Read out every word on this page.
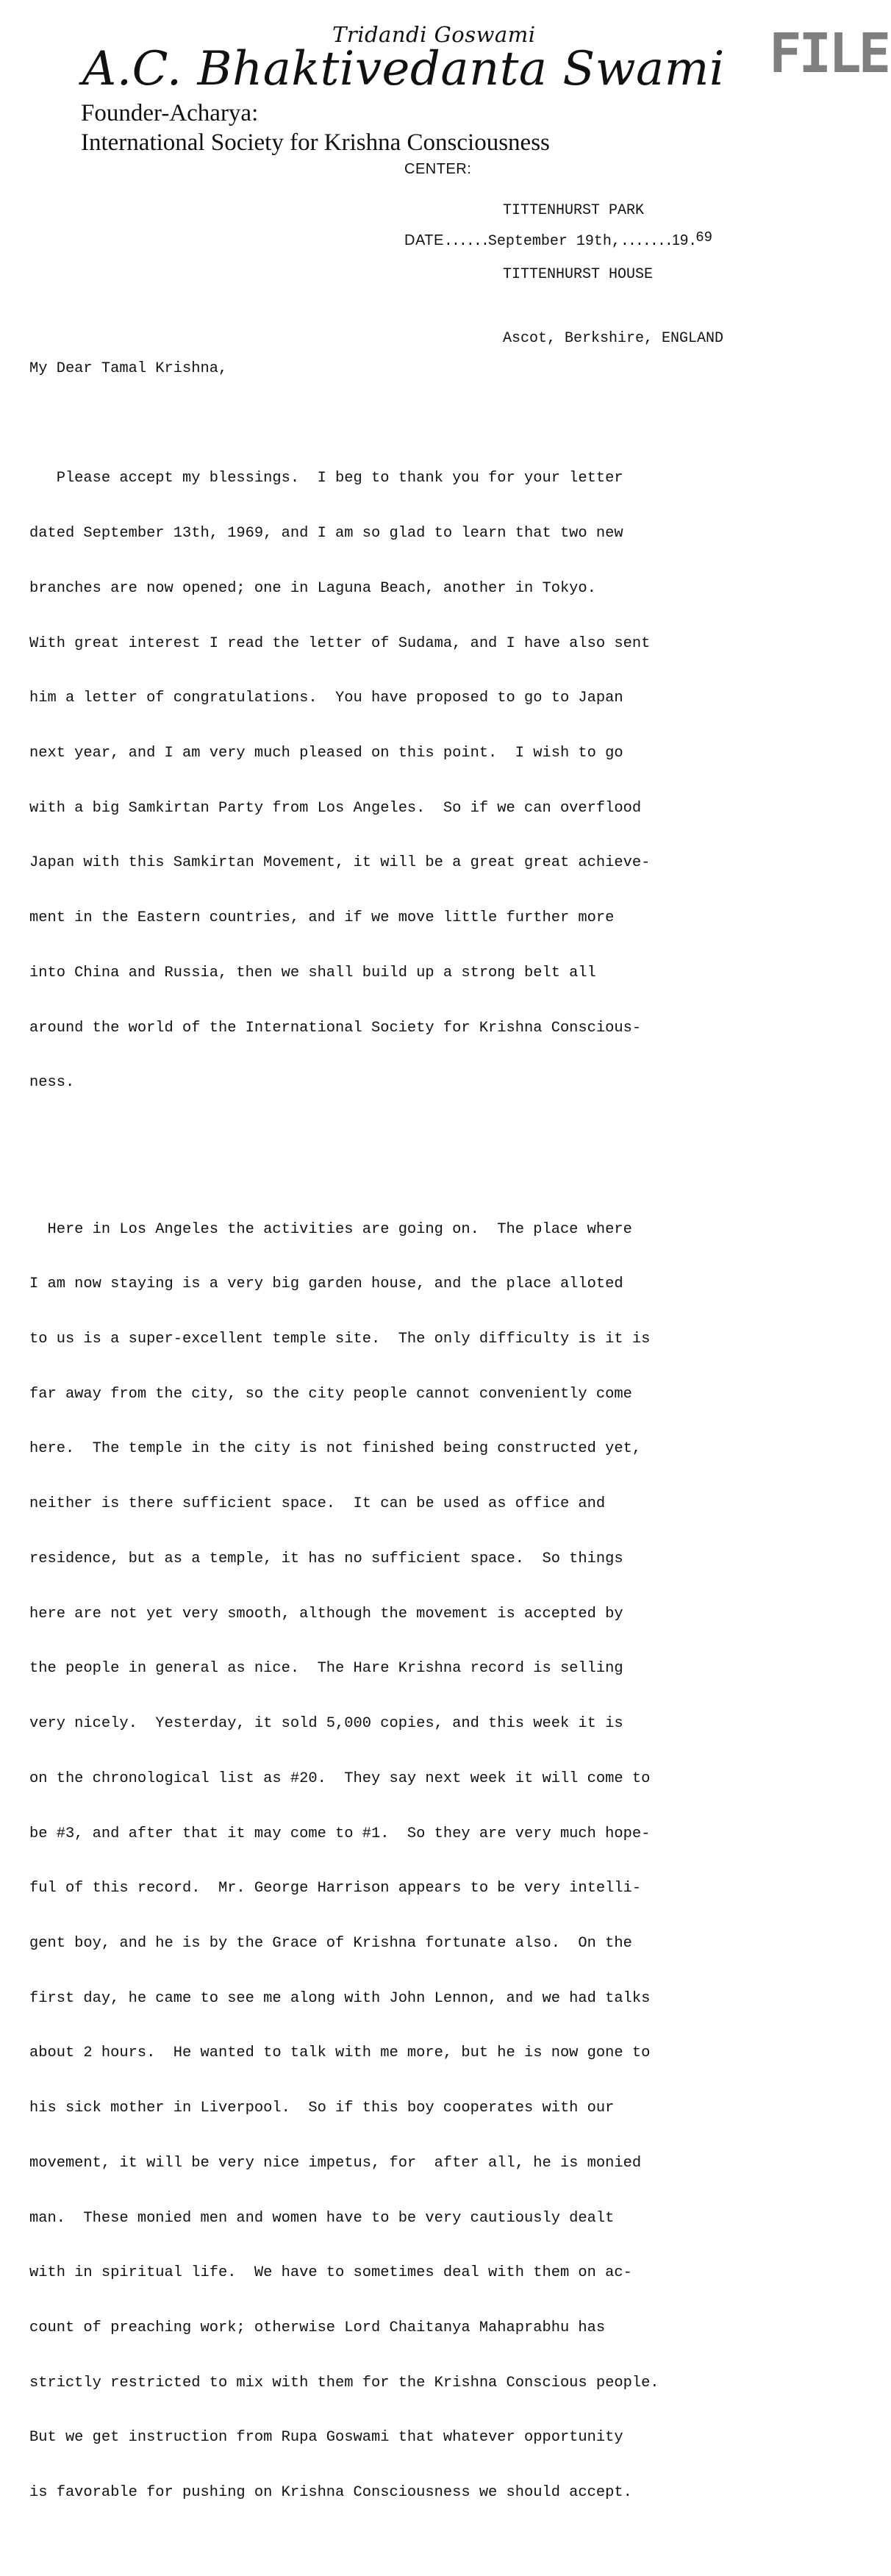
Tridandi Goswami
A.C. Bhaktivedanta Swami FILE
Founder-Acharya:
International Society for Krishna Consciousness
CENTER:

TITTENHURST PARK

TITTENHURST HOUSE

Ascot, Berkshire, ENGLAND

DATE......September 19th,.......19.69

My Dear Tamal Krishna,

Please accept my blessings.  I beg to thank you for your letter

dated September 13th, 1969, and I am so glad to learn that two new

branches are now opened; one in Laguna Beach, another in Tokyo.

With great interest I read the letter of Sudama, and I have also sent

him a letter of congratulations.  You have proposed to go to Japan

next year, and I am very much pleased on this point.  I wish to go

with a big Samkirtan Party from Los Angeles.  So if we can overflood

Japan with this Samkirtan Movement, it will be a great great achieve-

ment in the Eastern countries, and if we move little further more

into China and Russia, then we shall build up a strong belt all

around the world of the International Society for Krishna Conscious-

ness.

Here in Los Angeles the activities are going on.  The place where

I am now staying is a very big garden house, and the place alloted

to us is a super-excellent temple site.  The only difficulty is it is

far away from the city, so the city people cannot conveniently come

here.  The temple in the city is not finished being constructed yet,

neither is there sufficient space.  It can be used as office and

residence, but as a temple, it has no sufficient space.  So things

here are not yet very smooth, although the movement is accepted by

the people in general as nice.  The Hare Krishna record is selling

very nicely.  Yesterday, it sold 5,000 copies, and this week it is

on the chronological list as #20.  They say next week it will come to

be #3, and after that it may come to #1.  So they are very much hope-

ful of this record.  Mr. George Harrison appears to be very intelli-

gent boy, and he is by the Grace of Krishna fortunate also.  On the

first day, he came to see me along with John Lennon, and we had talks

about 2 hours.  He wanted to talk with me more, but he is now gone to

his sick mother in Liverpool.  So if this boy cooperates with our

movement, it will be very nice impetus, for  after all, he is monied

man.  These monied men and women have to be very cautiously dealt

with in spiritual life.  We have to sometimes deal with them on ac-

count of preaching work; otherwise Lord Chaitanya Mahaprabhu has

strictly restricted to mix with them for the Krishna Conscious people.

But we get instruction from Rupa Goswami that whatever opportunity

is favorable for pushing on Krishna Consciousness we should accept.
